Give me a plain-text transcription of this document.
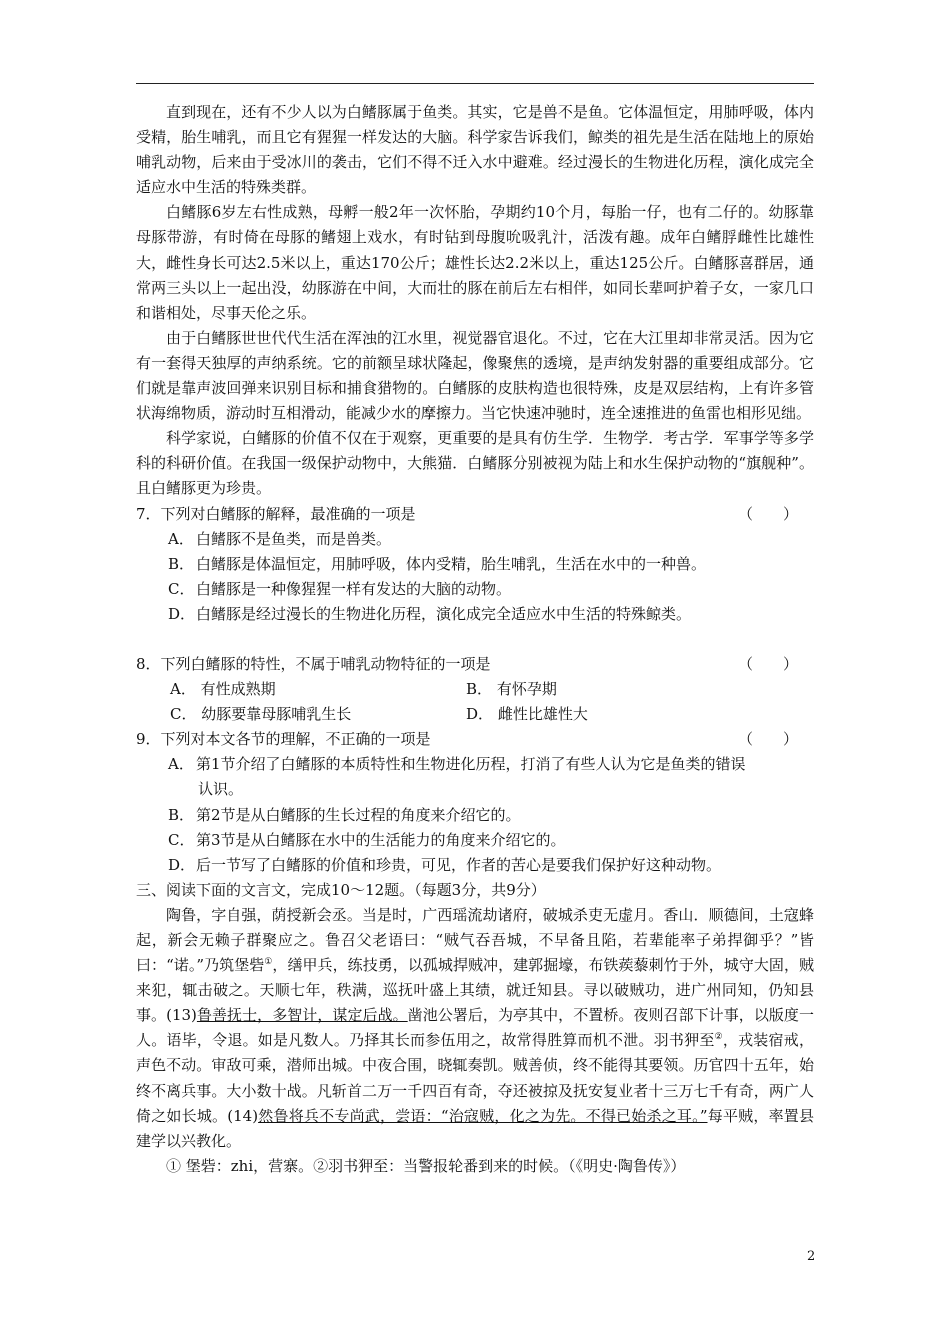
直到现在，还有不少人以为白鳍豚属于鱼类。其实，它是兽不是鱼。它体温恒定，用肺呼吸，体内受精，胎生哺乳，而且它有猩猩一样发达的大脑。科学家告诉我们，鲸类的祖先是生活在陆地上的原始哺乳动物，后来由于受冰川的袭击，它们不得不迁入水中避难。经过漫长的生物进化历程，演化成完全适应水中生活的特殊类群。

白鳍豚6岁左右性成熟，母孵一般2年一次怀胎，孕期约10个月，每胎一仔，也有二仔的。幼豚靠母豚带游，有时倚在母豚的鳍翅上戏水，有时钻到母腹吮吸乳汁，活泼有趣。成年白鳍脬雌性比雄性大，雌性身长可达2.5米以上，重达170公斤；雄性长达2.2米以上，重达125公斤。白鳍豚喜群居，通常两三头以上一起出没，幼豚游在中间，大而壮的豚在前后左右相伴，如同长辈呵护着子女，一家几口和谐相处，尽事天伦之乐。

由于白鳍豚世世代代生活在浑浊的江水里，视觉器官退化。不过，它在大江里却非常灵活。因为它有一套得天独厚的声纳系统。它的前额呈球状隆起，像聚焦的透境，是声纳发射器的重要组成部分。它们就是靠声波回弹来识别目标和捕食猎物的。白鳍豚的皮肤构造也很特殊，皮是双层结构，上有许多管状海绵物质，游动时互相滑动，能减少水的摩擦力。当它快速冲驰时，连全速推进的鱼雷也相形见绌。

科学家说，白鳍豚的价值不仅在于观察，更重要的是具有仿生学．生物学．考古学．军事学等多学科的科研价值。在我国一级保护动物中，大熊猫．白鳍豚分别被视为陆上和水生保护动物的“旗舰种”。且白鳍豚更为珍贵。

7．下列对白鳍豚的解释，最准确的一项是	（　　）

A． 白鳍豚不是鱼类，而是兽类。

B． 白鳍豚是体温恒定，用肺呼吸，体内受精，胎生哺乳，生活在水中的一种兽。

C． 白鳍豚是一种像猩猩一样有发达的大脑的动物。

D．白鳍豚是经过漫长的生物进化历程，演化成完全适应水中生活的特殊鲸类。

8．下列白鳍豚的特性，不属于哺乳动物特征的一项是	（　　）

A． 有性成熟期	B． 有怀孕期
C． 幼豚要靠母豚哺乳生长	D． 雌性比雄性大

9．下列对本文各节的理解，不正确的一项是	（　　）

A． 第1节介绍了白鳍豚的本质特性和生物进化历程，打消了有些人认为它是鱼类的错误

认识。

B． 第2节是从白鳍豚的生长过程的角度来介绍它的。

C． 第3节是从白鳍豚在水中的生活能力的角度来介绍它的。

D．后一节写了白鳍豚的价值和珍贵，可见，作者的苦心是要我们保护好这种动物。

三、阅读下面的文言文，完成10～12题。（每题3分，共9分）

陶鲁，字自强，荫授新会丞。当是时，广西瑶流劫诸府，破城杀吏无虚月。香山．顺德间，土寇蜂起，新会无赖子群聚应之。鲁召父老语曰：“贼气吞吾城，不早备且陷，若辈能率子弟捍御乎？”皆曰：“诺。”乃筑堡砦①，缮甲兵，练技勇，以孤城捍贼冲，建郭掘壕，布铁蒺藜刺竹于外，城守大固，贼来犯，辄击破之。天顺七年，秩满，巡抚叶盛上其绩，就迁知县。寻以破贼功，进广州同知，仍知县事。(13)鲁善抚士，多智计，谋定后战。凿池公署后，为亭其中，不置桥。夜则召部下计事，以版度一人。语毕，令退。如是凡数人。乃择其长而参伍用之，故常得胜算而机不泄。羽书狎至②，戎装宿戒，声色不动。审敌可乘，潜师出城。中夜合围，晓辄奏凯。贼善侦，终不能得其要领。历官四十五年，始终不离兵事。大小数十战。凡斩首二万一千四百有奇，夺还被掠及抚安复业者十三万七千有奇，两广人倚之如长城。(14)然鲁将兵不专尚武，尝语：“治寇贼，化之为先。不得已始杀之耳。”每平贼，率置县建学以兴教化。

① 堡砦：zhi，营寨。②羽书狎至：当警报轮番到来的时候。（《明史·陶鲁传》）

2
